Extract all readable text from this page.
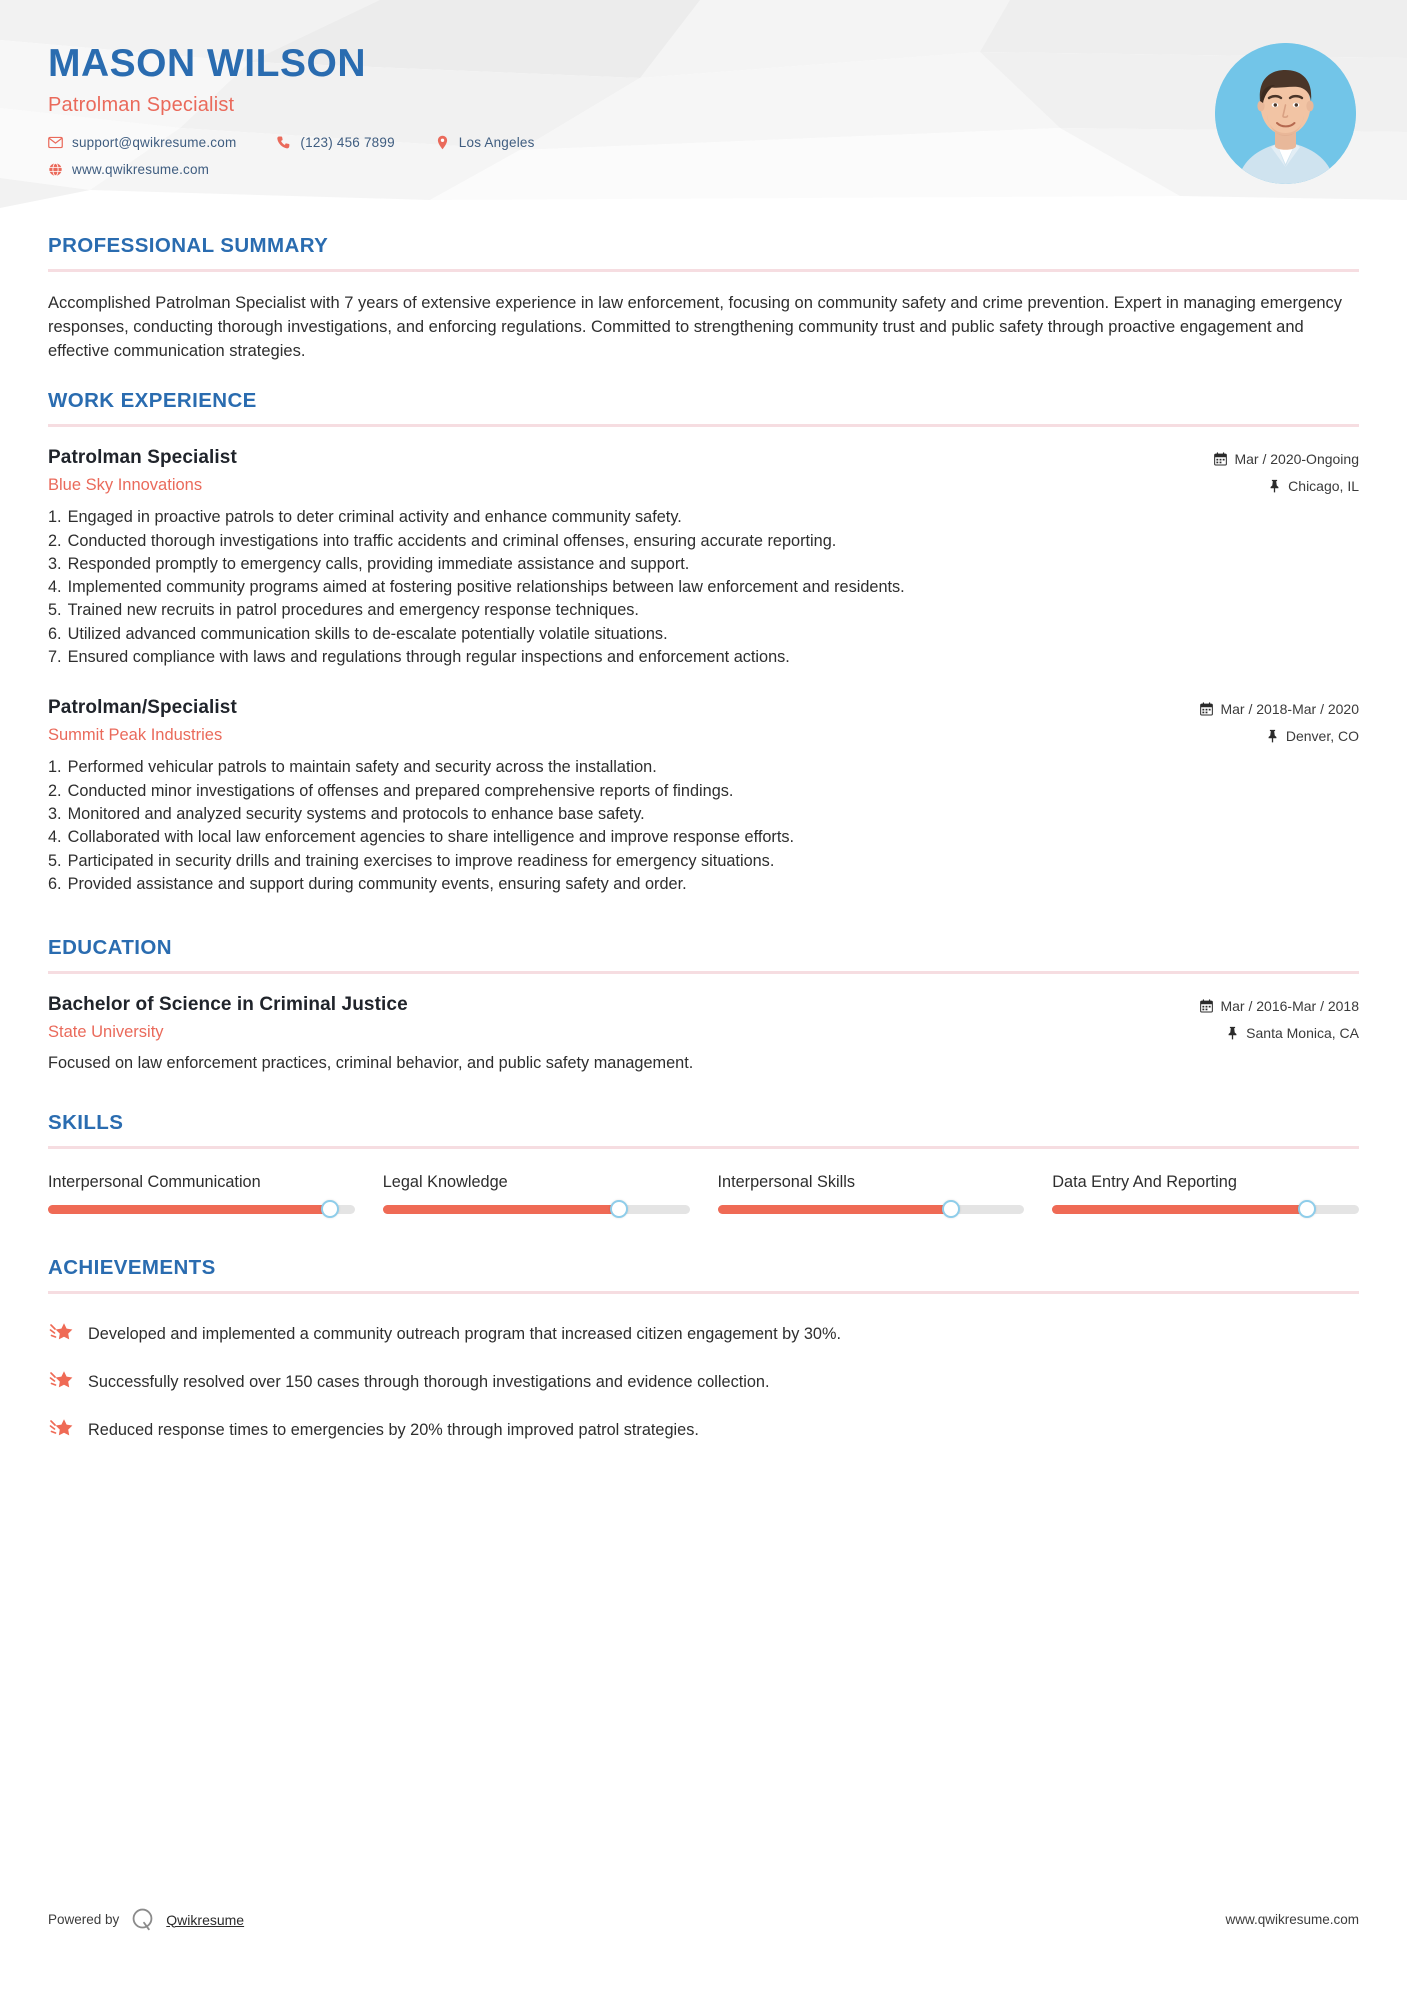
MASON WILSON
Patrolman Specialist
support@qwikresume.com	(123) 456 7899	Los Angeles
www.qwikresume.com
PROFESSIONAL SUMMARY
Accomplished Patrolman Specialist with 7 years of extensive experience in law enforcement, focusing on community safety and crime prevention. Expert in managing emergency responses, conducting thorough investigations, and enforcing regulations. Committed to strengthening community trust and public safety through proactive engagement and effective communication strategies.
WORK EXPERIENCE
Patrolman Specialist
Blue Sky Innovations
Mar / 2020-Ongoing
Chicago, IL
1. Engaged in proactive patrols to deter criminal activity and enhance community safety.
2. Conducted thorough investigations into traffic accidents and criminal offenses, ensuring accurate reporting.
3. Responded promptly to emergency calls, providing immediate assistance and support.
4. Implemented community programs aimed at fostering positive relationships between law enforcement and residents.
5. Trained new recruits in patrol procedures and emergency response techniques.
6. Utilized advanced communication skills to de-escalate potentially volatile situations.
7. Ensured compliance with laws and regulations through regular inspections and enforcement actions.
Patrolman/Specialist
Summit Peak Industries
Mar / 2018-Mar / 2020
Denver, CO
1. Performed vehicular patrols to maintain safety and security across the installation.
2. Conducted minor investigations of offenses and prepared comprehensive reports of findings.
3. Monitored and analyzed security systems and protocols to enhance base safety.
4. Collaborated with local law enforcement agencies to share intelligence and improve response efforts.
5. Participated in security drills and training exercises to improve readiness for emergency situations.
6. Provided assistance and support during community events, ensuring safety and order.
EDUCATION
Bachelor of Science in Criminal Justice
State University
Mar / 2016-Mar / 2018
Santa Monica, CA
Focused on law enforcement practices, criminal behavior, and public safety management.
SKILLS
Interpersonal Communication	Legal Knowledge	Interpersonal Skills	Data Entry And Reporting
ACHIEVEMENTS
Developed and implemented a community outreach program that increased citizen engagement by 30%.
Successfully resolved over 150 cases through thorough investigations and evidence collection.
Reduced response times to emergencies by 20% through improved patrol strategies.
Powered by	Qwikresume	www.qwikresume.com
